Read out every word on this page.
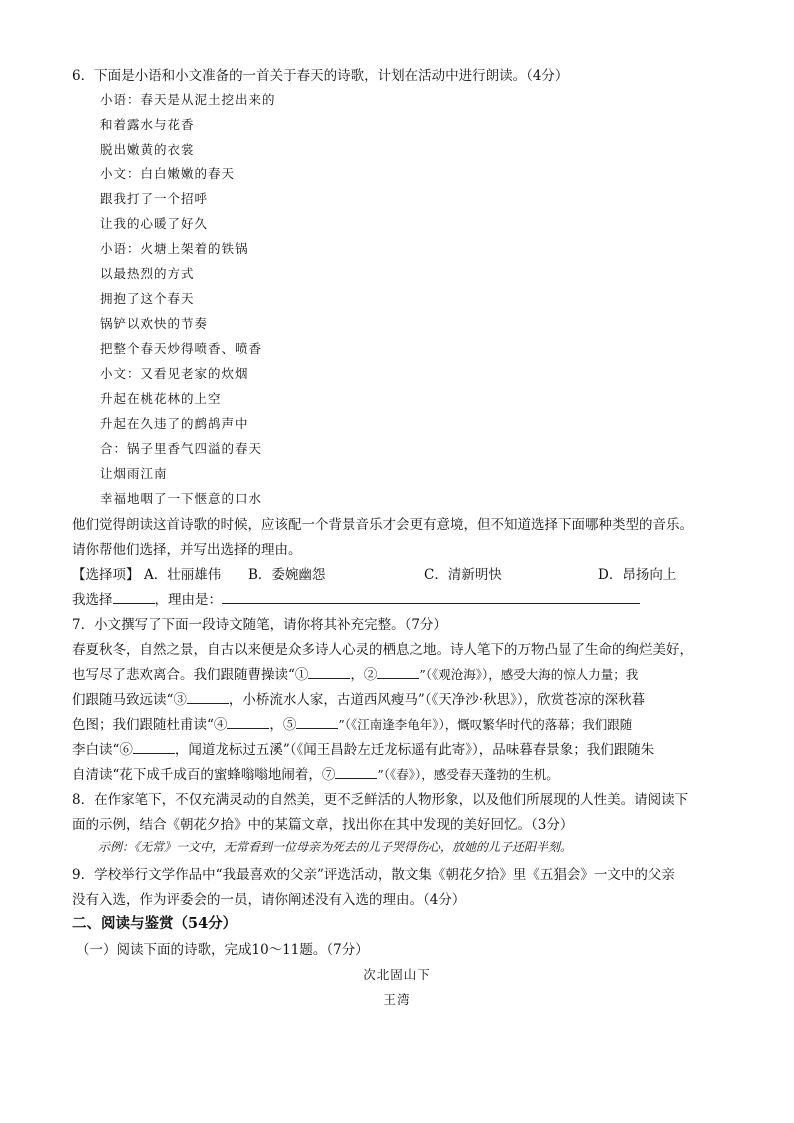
6．下面是小语和小文准备的一首关于春天的诗歌，计划在活动中进行朗读。（4分）
小语：春天是从泥土挖出来的
和着露水与花香
脱出嫩黄的衣裳
小文：白白嫩嫩的春天
跟我打了一个招呼
让我的心暖了好久
小语：火塘上架着的铁锅
以最热烈的方式
拥抱了这个春天
锅铲以欢快的节奏
把整个春天炒得喷香、喷香
小文：又看见老家的炊烟
升起在桃花林的上空
升起在久违了的鹧鸪声中
合：锅子里香气四溢的春天
让烟雨江南
幸福地咽了一下惬意的口水
他们觉得朗读这首诗歌的时候，应该配一个背景音乐才会更有意境，但不知道选择下面哪种类型的音乐。
请你帮他们选择，并写出选择的理由。
【选择项】 A．壮丽雄伟 B．委婉幽怨	C．清新明快	D．昂扬向上
我选择	，理由是：
7．小文撰写了下面一段诗文随笔，请你将其补充完整。（7分）
春夏秋冬，自然之景，自古以来便是众多诗人心灵的栖息之地。诗人笔下的万物凸显了生命的绚烂美好，
也写尽了悲欢离合。我们跟随曹操读“①	，②	”（《观沧海》），感受大海的惊人力量；我
们跟随马致远读“③	，小桥流水人家，古道西风瘦马”（《天净沙·秋思》），欣赏苍凉的深秋暮
色图；我们跟随杜甫读“④	，⑤	”（《江南逢李龟年》），慨叹繁华时代的落幕；我们跟随
李白读“⑥	，闻道龙标过五溪”（《闻王昌龄左迁龙标遥有此寄》），品味暮春景象；我们跟随朱
自清读“花下成千成百的蜜蜂嗡嗡地闹着，⑦	”（《春》），感受春天蓬勃的生机。
8．在作家笔下，不仅充满灵动的自然美，更不乏鲜活的人物形象，以及他们所展现的人性美。请阅读下
面的示例，结合《朝花夕拾》中的某篇文章，找出你在其中发现的美好回忆。（3分）
示例：《无常》一文中，无常看到一位母亲为死去的儿子哭得伤心，放她的儿子还阳半刻。
9．学校举行文学作品中“我最喜欢的父亲”评选活动，散文集《朝花夕拾》里《五猖会》一文中的父亲
没有入选，作为评委会的一员，请你阐述没有入选的理由。（4分）
二、阅读与鉴赏（54分）
（一）阅读下面的诗歌，完成10～11题。（7分）
次北固山下
王湾
